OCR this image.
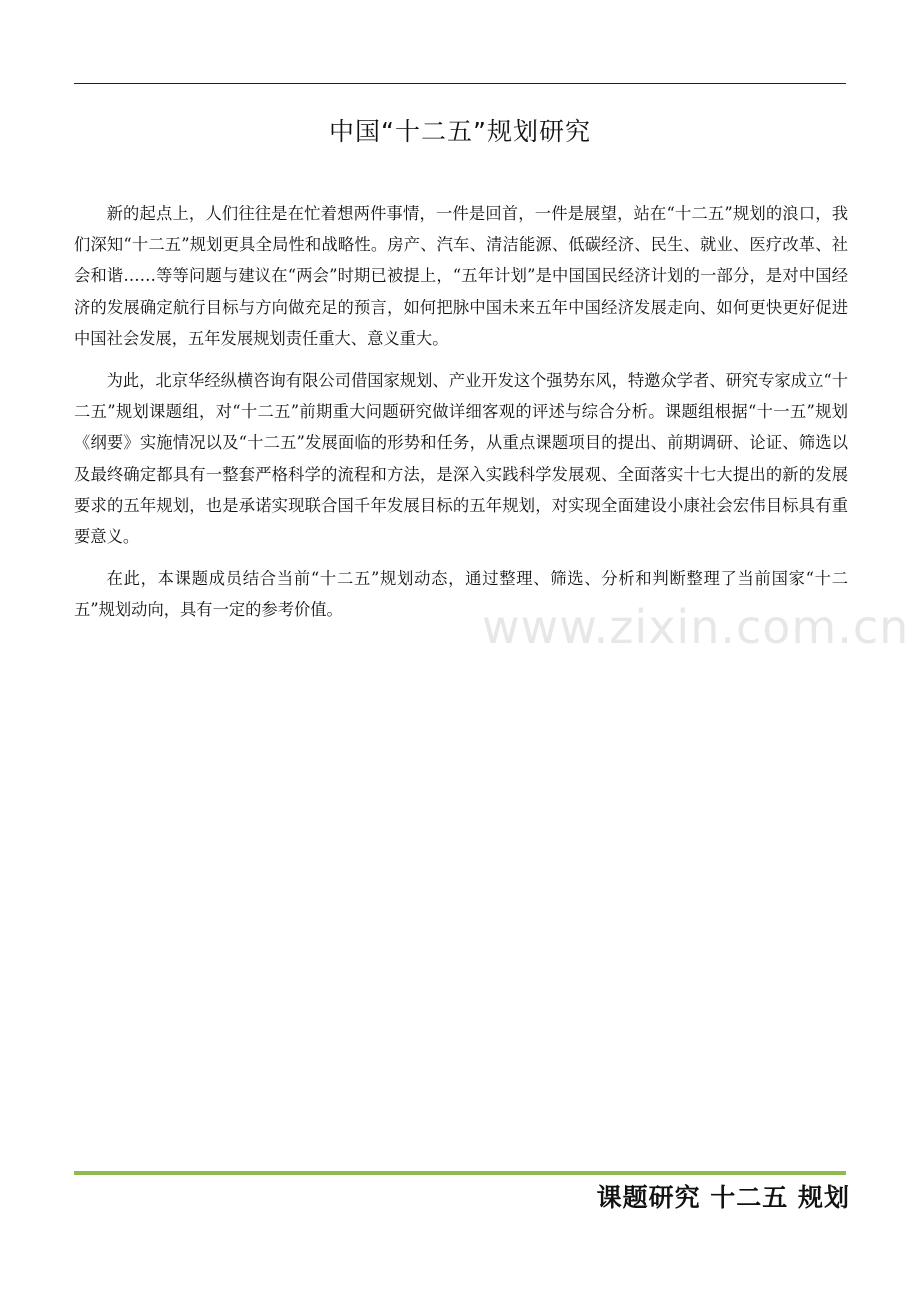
中国“十二五”规划研究

新的起点上，人们往往是在忙着想两件事情，一件是回首，一件是展望，站在“十二五”规划的浪口，我们深知“十二五”规划更具全局性和战略性。房产、汽车、清洁能源、低碳经济、民生、就业、医疗改革、社会和谐……等等问题与建议在“两会”时期已被提上，“五年计划”是中国国民经济计划的一部分，是对中国经济的发展确定航行目标与方向做充足的预言，如何把脉中国未来五年中国经济发展走向、如何更快更好促进中国社会发展，五年发展规划责任重大、意义重大。

为此，北京华经纵横咨询有限公司借国家规划、产业开发这个强势东风，特邀众学者、研究专家成立“十二五”规划课题组，对“十二五”前期重大问题研究做详细客观的评述与综合分析。课题组根据“十一五”规划《纲要》实施情况以及“十二五”发展面临的形势和任务，从重点课题项目的提出、前期调研、论证、筛选以及最终确定都具有一整套严格科学的流程和方法，是深入实践科学发展观、全面落实十七大提出的新的发展要求的五年规划，也是承诺实现联合国千年发展目标的五年规划，对实现全面建设小康社会宏伟目标具有重要意义。

在此，本课题成员结合当前“十二五”规划动态，通过整理、筛选、分析和判断整理了当前国家“十二五”规划动向，具有一定的参考价值。	www.zixin.com.cn
课题研究 十二五 规划
